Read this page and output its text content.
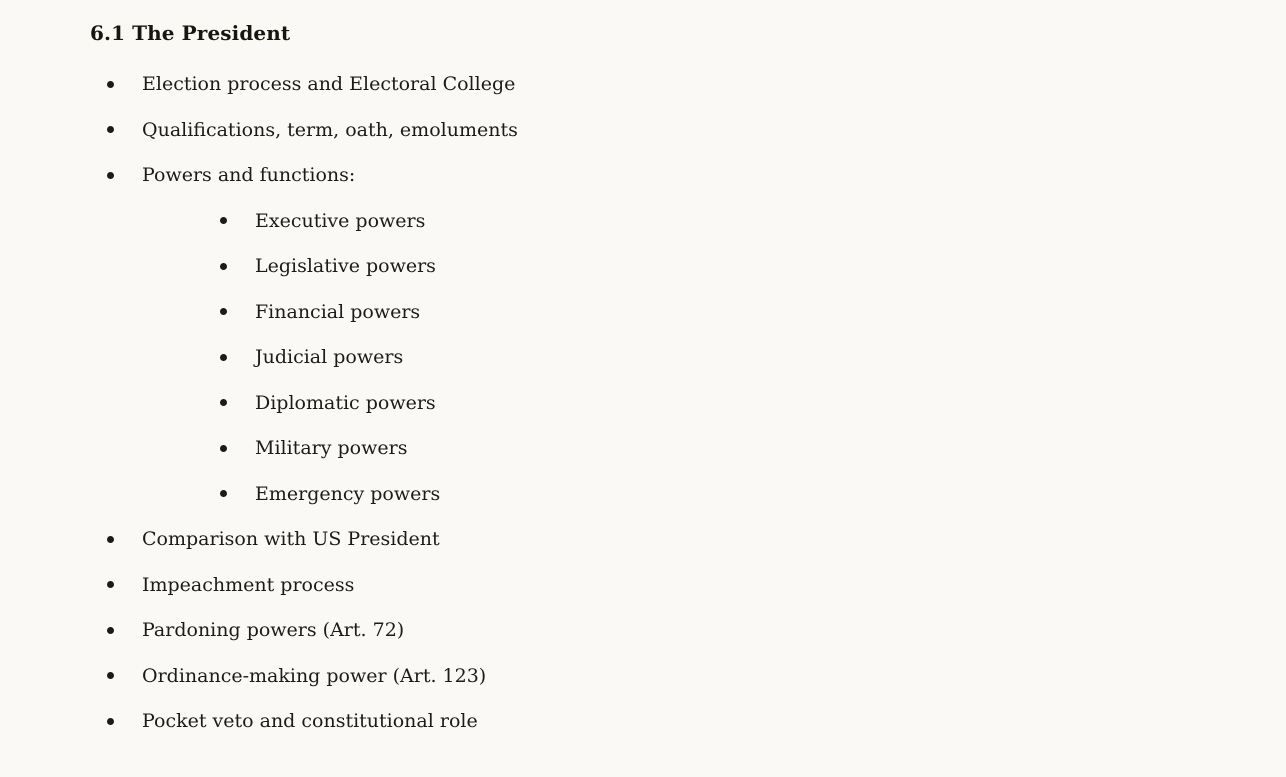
6.1 The President
Election process and Electoral College
Qualifications, term, oath, emoluments
Powers and functions:
Executive powers
Legislative powers
Financial powers
Judicial powers
Diplomatic powers
Military powers
Emergency powers
Comparison with US President
Impeachment process
Pardoning powers (Art. 72)
Ordinance-making power (Art. 123)
Pocket veto and constitutional role
